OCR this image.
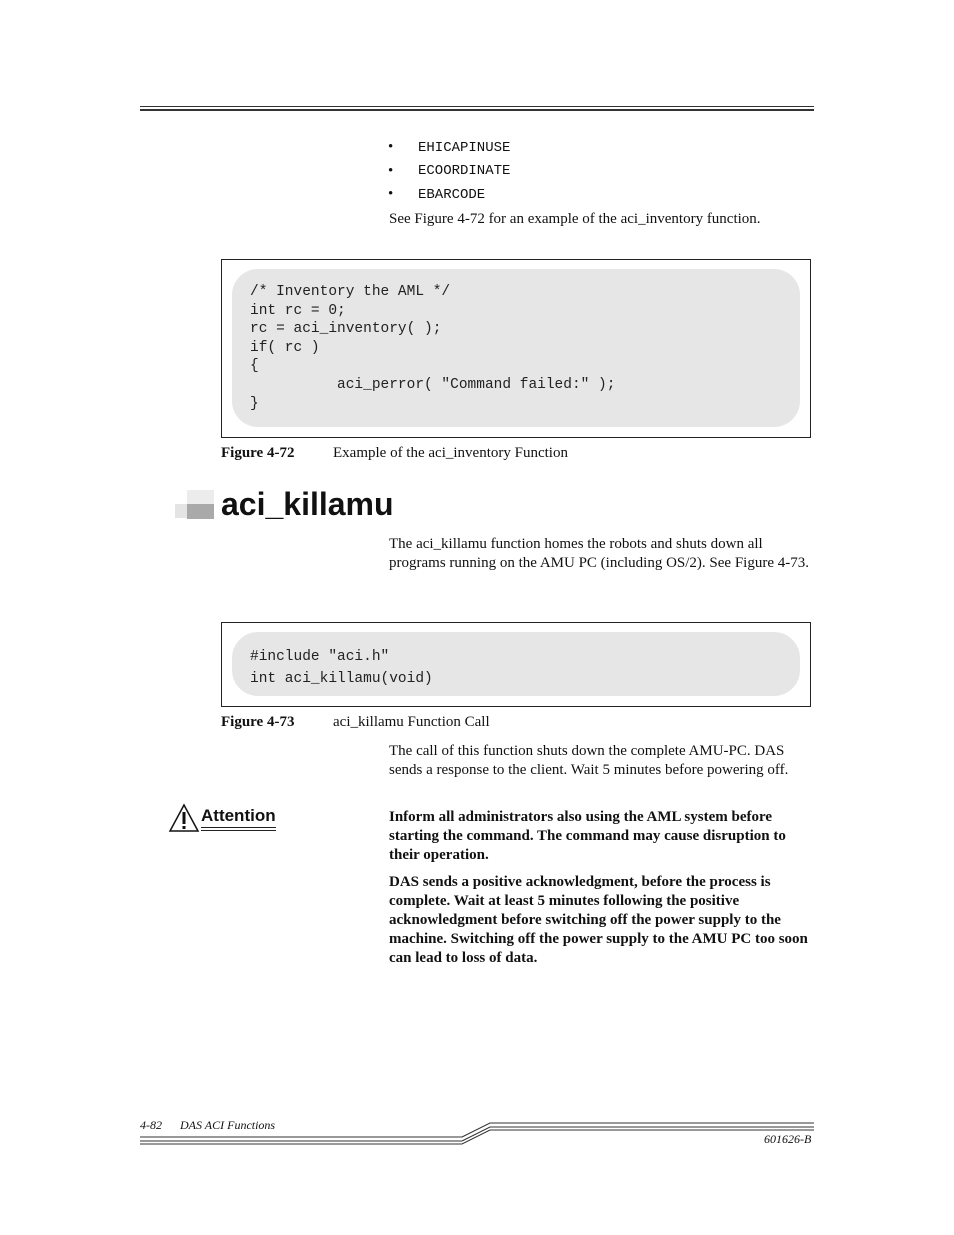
•	EHICAPINUSE
•	ECOORDINATE
•	EBARCODE
See Figure 4-72 for an example of the aci_inventory function.
/* Inventory the AML */
int rc = 0;
rc = aci_inventory( );
if( rc )
{
aci_perror( "Command failed:" );
}
Figure 4-72	Example of the aci_inventory Function
aci_killamu
The aci_killamu function homes the robots and shuts down all programs running on the AMU PC (including OS/2). See Figure 4-73.
#include "aci.h"
int aci_killamu(void)
Figure 4-73	aci_killamu Function Call
The call of this function shuts down the complete AMU-PC. DAS sends a response to the client. Wait 5 minutes before powering off.
Attention	Inform all administrators also using the AML system before starting the command. The command may cause disruption to their operation.
DAS sends a positive acknowledgment, before the process is complete. Wait at least 5 minutes following the positive acknowledgment before switching off the power supply to the machine. Switching off the power supply to the AMU PC too soon can lead to loss of data.
4-82 DAS ACI Functions
601626-B
